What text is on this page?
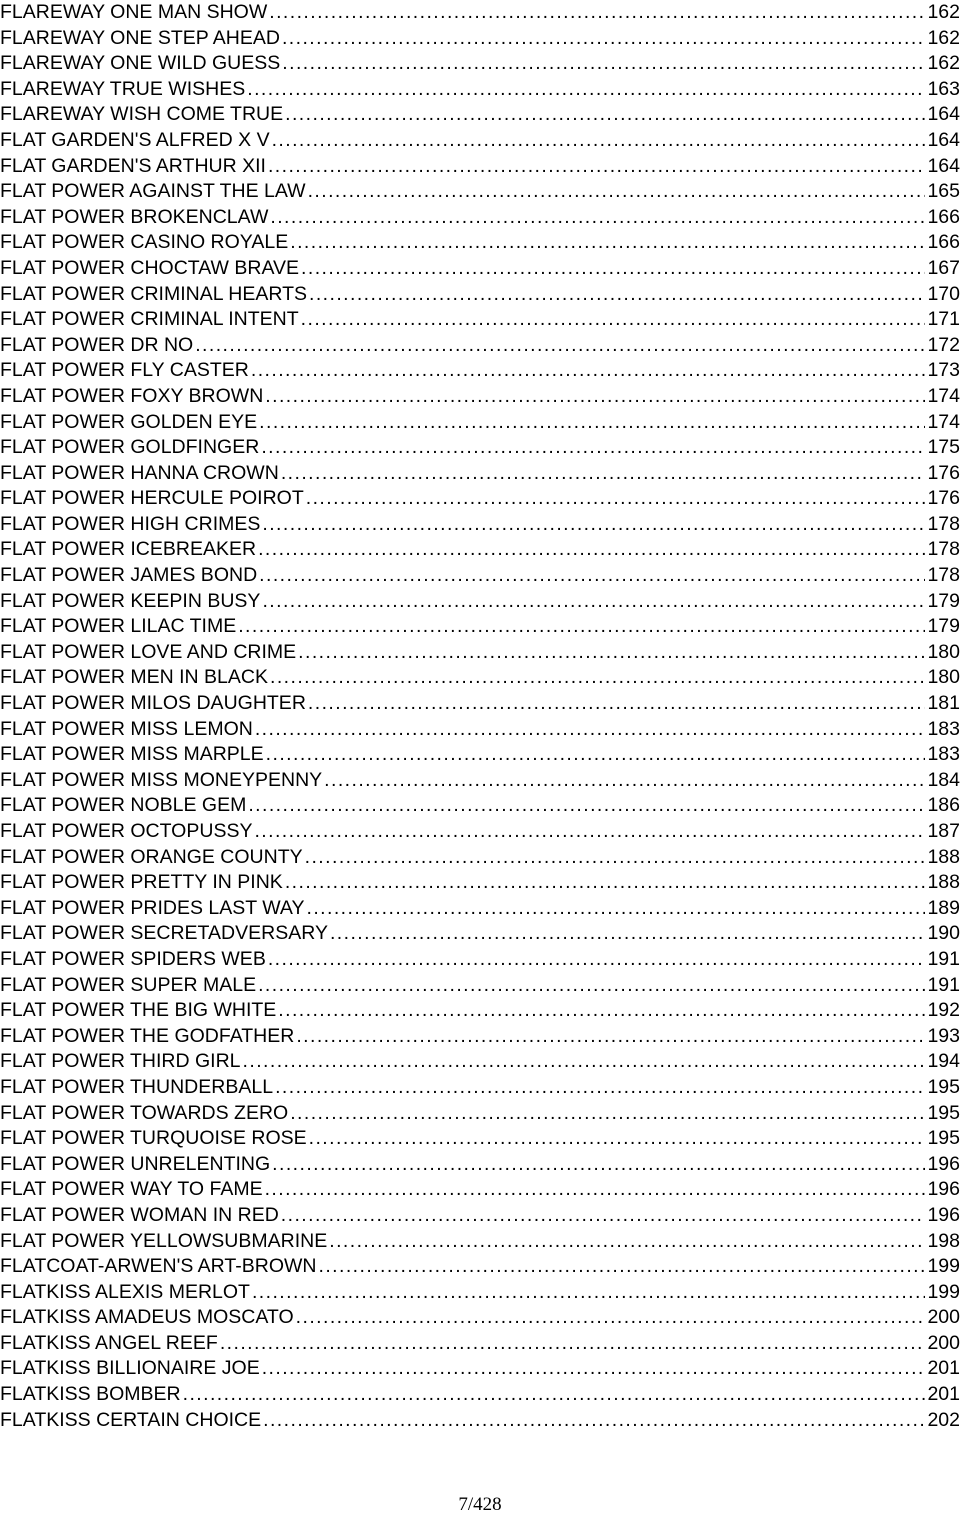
FLAREWAY ONE MAN SHOW . . .	162
FLAREWAY ONE STEP AHEAD . . .	162
FLAREWAY ONE WILD GUESS . . .	162
FLAREWAY TRUE WISHES . . .	163
FLAREWAY WISH COME TRUE . . .	164
FLAT GARDEN'S ALFRED X V . . .	164
FLAT GARDEN'S ARTHUR XII . . .	164
FLAT POWER AGAINST THE LAW . . .	165
FLAT POWER BROKENCLAW . . .	166
FLAT POWER CASINO ROYALE . . .	166
FLAT POWER CHOCTAW BRAVE . . .	167
FLAT POWER CRIMINAL HEARTS . . .	170
FLAT POWER CRIMINAL INTENT . . .	171
FLAT POWER DR NO . . .	172
FLAT POWER FLY CASTER . . .	173
FLAT POWER FOXY BROWN . . .	174
FLAT POWER GOLDEN EYE . . .	174
FLAT POWER GOLDFINGER . . .	175
FLAT POWER HANNA CROWN . . .	176
FLAT POWER HERCULE POIROT . . .	176
FLAT POWER HIGH CRIMES . . .	178
FLAT POWER ICEBREAKER . . .	178
FLAT POWER JAMES BOND . . .	178
FLAT POWER KEEPIN BUSY . . .	179
FLAT POWER LILAC TIME . . .	179
FLAT POWER LOVE AND CRIME . . .	180
FLAT POWER MEN IN BLACK . . .	180
FLAT POWER MILOS DAUGHTER . . .	181
FLAT POWER MISS LEMON . . .	183
FLAT POWER MISS MARPLE . . .	183
FLAT POWER MISS MONEYPENNY . . .	184
FLAT POWER NOBLE GEM . . .	186
FLAT POWER OCTOPUSSY . . .	187
FLAT POWER ORANGE COUNTY . . .	188
FLAT POWER PRETTY IN PINK . . .	188
FLAT POWER PRIDES LAST WAY . . .	189
FLAT POWER SECRETADVERSARY . . .	190
FLAT POWER SPIDERS WEB . . .	191
FLAT POWER SUPER MALE . . .	191
FLAT POWER THE BIG WHITE . . .	192
FLAT POWER THE GODFATHER . . .	193
FLAT POWER THIRD GIRL . . .	194
FLAT POWER THUNDERBALL . . .	195
FLAT POWER TOWARDS ZERO . . .	195
FLAT POWER TURQUOISE ROSE . . .	195
FLAT POWER UNRELENTING . . .	196
FLAT POWER WAY TO FAME . . .	196
FLAT POWER WOMAN IN RED . . .	196
FLAT POWER YELLOWSUBMARINE . . .	198
FLATCOAT-ARWEN'S ART-BROWN . . .	199
FLATKISS ALEXIS MERLOT . . .	199
FLATKISS AMADEUS MOSCATO . . .	200
FLATKISS ANGEL REEF . . .	200
FLATKISS BILLIONAIRE JOE . . .	201
FLATKISS BOMBER . . .	201
FLATKISS CERTAIN CHOICE . . .	202
7/428
